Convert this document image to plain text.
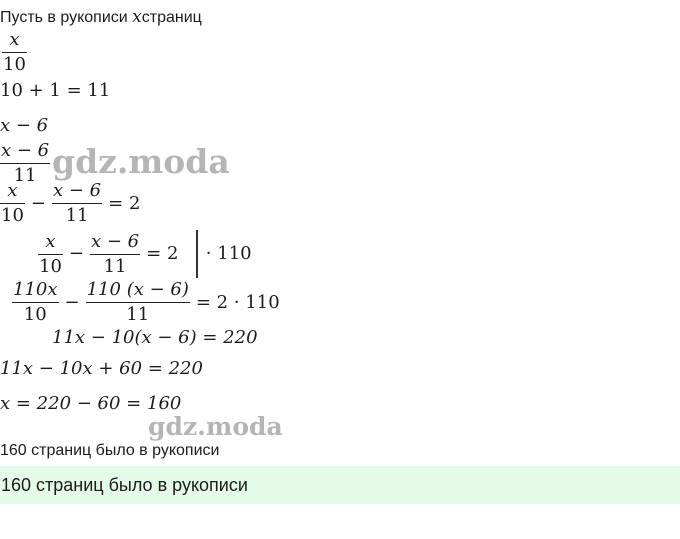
Пусть в рукописи xстраниц
$\frac{x}{10}$
10 + 1 = 11
x − 6
$\frac{x - 6}{11}$ gdz.moda
$\frac{x}{10} - \frac{x - 6}{11} = 2$
$\frac{x}{10} - \frac{x - 6}{11} = 2 \cdot 110$
$\frac{110x}{10} - \frac{110 (x - 6)}{11} = 2 \cdot 110$
11x − 10(x − 6) = 220
11x − 10x + 60 = 220
x = 220 − 60 = 160
gdz.moda
160 страниц было в рукописи
160 страниц было в рукописи
